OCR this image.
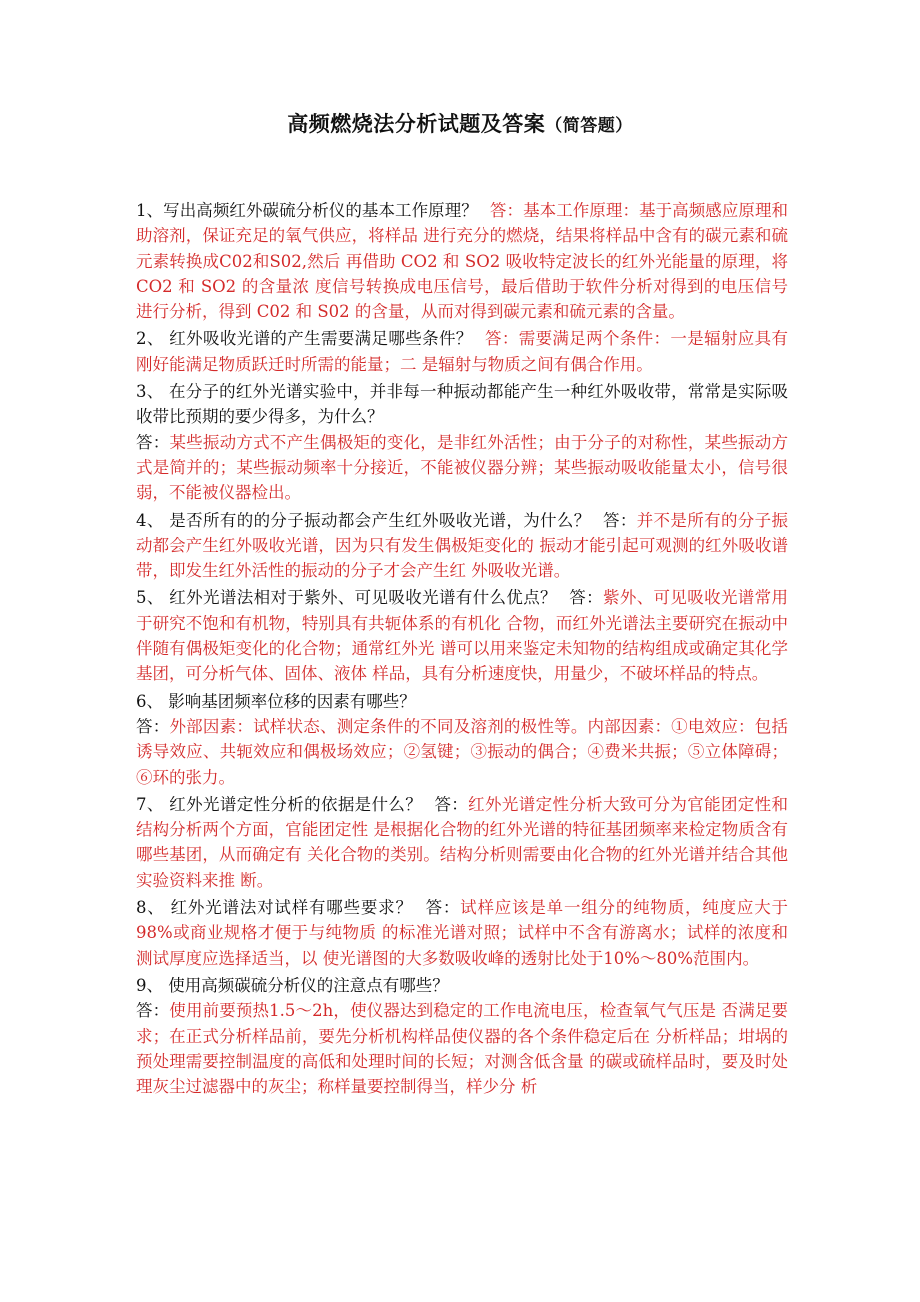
高频燃烧法分析试题及答案（简答题）

1、写出高频红外碳硫分析仪的基本工作原理？ 答：基本工作原理：基于高频感应原理和助溶剂，保证充足的氧气供应，将样品 进行充分的燃烧，结果将样品中含有的碳元素和硫元素转换成C02和S02,然后 再借助 CO2 和 SO2 吸收特定波长的红外光能量的原理，将 CO2 和 SO2 的含量浓 度信号转换成电压信号，最后借助于软件分析对得到的电压信号进行分析，得到 C02 和 S02 的含量，从而对得到碳元素和硫元素的含量。

2、 红外吸收光谱的产生需要满足哪些条件？ 答：需要满足两个条件：一是辐射应具有刚好能满足物质跃迁时所需的能量；二 是辐射与物质之间有偶合作用。

3、 在分子的红外光谱实验中，并非每一种振动都能产生一种红外吸收带，常常是实际吸收带比预期的要少得多，为什么？
答：某些振动方式不产生偶极矩的变化，是非红外活性；由于分子的对称性，某些振动方式是简并的；某些振动频率十分接近，不能被仪器分辨；某些振动吸收能量太小，信号很弱，不能被仪器检出。

4、 是否所有的的分子振动都会产生红外吸收光谱，为什么？ 答：并不是所有的分子振动都会产生红外吸收光谱，因为只有发生偶极矩变化的 振动才能引起可观测的红外吸收谱带，即发生红外活性的振动的分子才会产生红 外吸收光谱。

5、 红外光谱法相对于紫外、可见吸收光谱有什么优点？ 答：紫外、可见吸收光谱常用于研究不饱和有机物，特别具有共轭体系的有机化 合物，而红外光谱法主要研究在振动中伴随有偶极矩变化的化合物；通常红外光 谱可以用来鉴定未知物的结构组成或确定其化学基团，可分析气体、固体、液体 样品，具有分析速度快，用量少，不破坏样品的特点。

6、 影响基团频率位移的因素有哪些？
答：外部因素：试样状态、测定条件的不同及溶剂的极性等。内部因素：①电效应：包括诱导效应、共轭效应和偶极场效应；②氢键；③振动的偶合；④费米共振；⑤立体障碍；⑥环的张力。

7、 红外光谱定性分析的依据是什么？ 答：红外光谱定性分析大致可分为官能团定性和结构分析两个方面，官能团定性 是根据化合物的红外光谱的特征基团频率来检定物质含有哪些基团，从而确定有 关化合物的类别。结构分析则需要由化合物的红外光谱并结合其他实验资料来推 断。

8、 红外光谱法对试样有哪些要求？ 答：试样应该是单一组分的纯物质，纯度应大于 98%或商业规格才便于与纯物质 的标准光谱对照；试样中不含有游离水；试样的浓度和测试厚度应选择适当，以 使光谱图的大多数吸收峰的透射比处于10%～80%范围内。

9、 使用高频碳硫分析仪的注意点有哪些？
答：使用前要预热1.5～2h，使仪器达到稳定的工作电流电压，检查氧气气压是 否满足要求；在正式分析样品前，要先分析机构样品使仪器的各个条件稳定后在 分析样品；坩埚的预处理需要控制温度的高低和处理时间的长短；对测含低含量 的碳或硫样品时，要及时处理灰尘过滤器中的灰尘；称样量要控制得当，样少分 析
